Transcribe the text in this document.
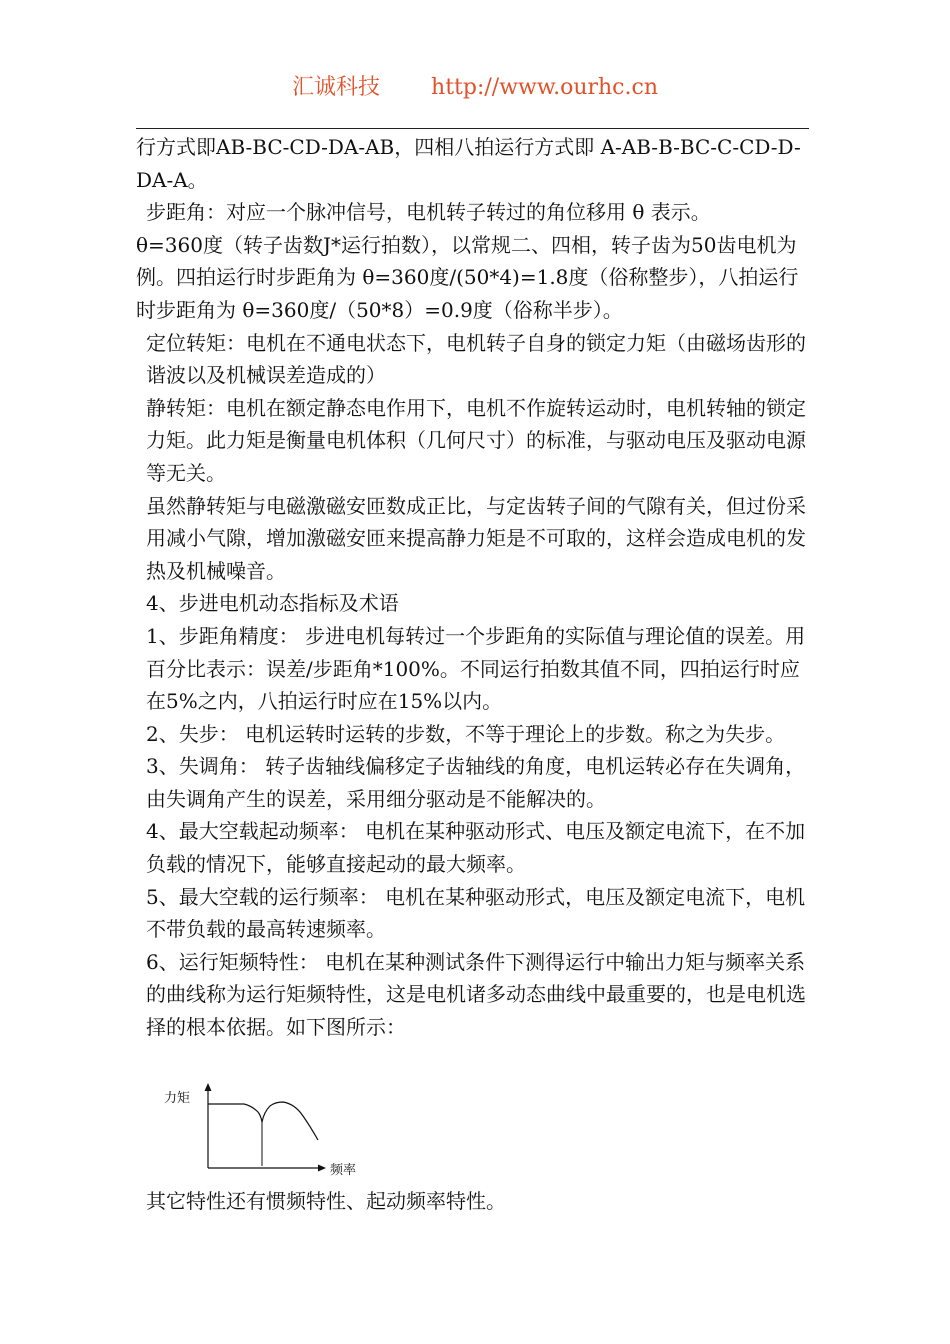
汇诚科技 http://www.ourhc.cn

行方式即AB-BC-CD-DA-AB，四相八拍运行方式即 A-AB-B-BC-C-CD-D-DA-A。

步距角：对应一个脉冲信号，电机转子转过的角位移用 θ 表示。

θ=360度（转子齿数J*运行拍数），以常规二、四相，转子齿为50齿电机为例。四拍运行时步距角为 θ=360度/(50*4)=1.8度（俗称整步），八拍运行时步距角为 θ=360度/（50*8）=0.9度（俗称半步）。

定位转矩：电机在不通电状态下，电机转子自身的锁定力矩（由磁场齿形的谐波以及机械误差造成的）

静转矩：电机在额定静态电作用下，电机不作旋转运动时，电机转轴的锁定力矩。此力矩是衡量电机体积（几何尺寸）的标准，与驱动电压及驱动电源等无关。

虽然静转矩与电磁激磁安匝数成正比，与定齿转子间的气隙有关，但过份采用减小气隙，增加激磁安匝来提高静力矩是不可取的，这样会造成电机的发热及机械噪音。

4、步进电机动态指标及术语

1、步距角精度： 步进电机每转过一个步距角的实际值与理论值的误差。用百分比表示：误差/步距角*100%。不同运行拍数其值不同，四拍运行时应在5%之内，八拍运行时应在15%以内。

2、失步： 电机运转时运转的步数，不等于理论上的步数。称之为失步。

3、失调角： 转子齿轴线偏移定子齿轴线的角度，电机运转必存在失调角，由失调角产生的误差，采用细分驱动是不能解决的。

4、最大空载起动频率： 电机在某种驱动形式、电压及额定电流下，在不加负载的情况下，能够直接起动的最大频率。

5、最大空载的运行频率： 电机在某种驱动形式，电压及额定电流下，电机不带负载的最高转速频率。

6、运行矩频特性： 电机在某种测试条件下测得运行中输出力矩与频率关系的曲线称为运行矩频特性，这是电机诸多动态曲线中最重要的，也是电机选择的根本依据。如下图所示：

力矩
频率
其它特性还有惯频特性、起动频率特性。
